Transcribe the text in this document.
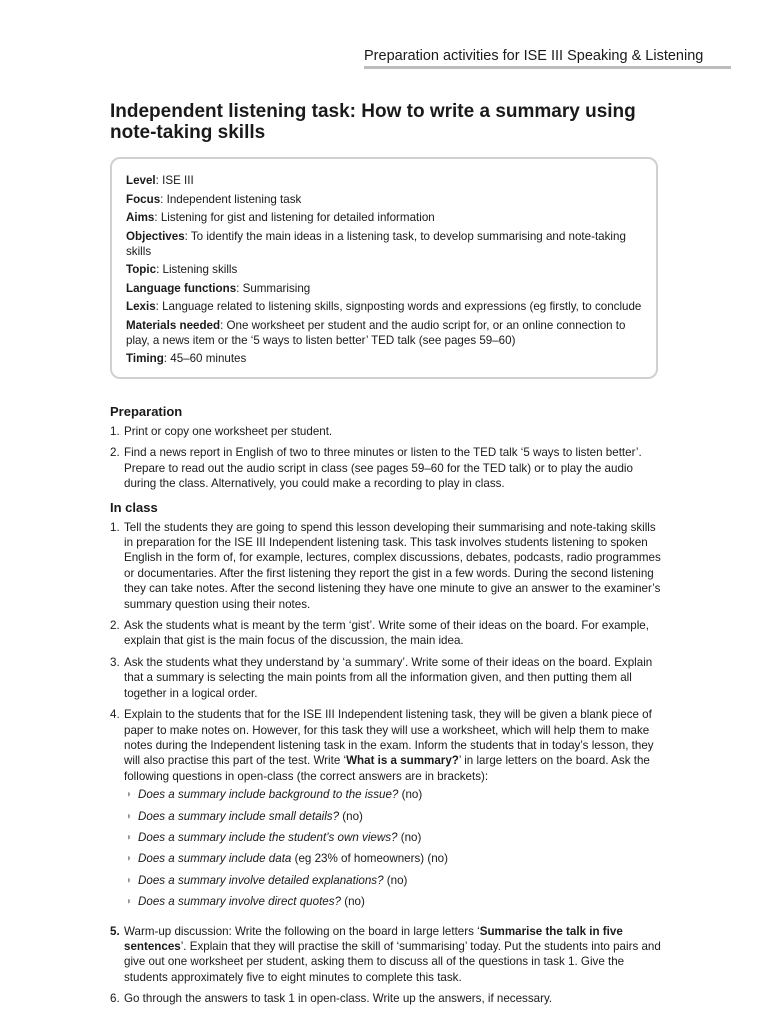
Preparation activities for ISE III Speaking & Listening
Independent listening task: How to write a summary using note-taking skills
Level: ISE III
Focus: Independent listening task
Aims: Listening for gist and listening for detailed information
Objectives: To identify the main ideas in a listening task, to develop summarising and note-taking skills
Topic: Listening skills
Language functions: Summarising
Lexis: Language related to listening skills, signposting words and expressions (eg firstly, to conclude
Materials needed: One worksheet per student and the audio script for, or an online connection to play, a news item or the ‘5 ways to listen better’ TED talk (see pages 59–60)
Timing: 45–60 minutes
Preparation
1. Print or copy one worksheet per student.
2. Find a news report in English of two to three minutes or listen to the TED talk ‘5 ways to listen better’. Prepare to read out the audio script in class (see pages 59–60 for the TED talk) or to play the audio during the class. Alternatively, you could make a recording to play in class.
In class
1. Tell the students they are going to spend this lesson developing their summarising and note-taking skills in preparation for the ISE III Independent listening task. This task involves students listening to spoken English in the form of, for example, lectures, complex discussions, debates, podcasts, radio programmes or documentaries. After the first listening they report the gist in a few words. During the second listening they can take notes. After the second listening they have one minute to give an answer to the examiner’s summary question using their notes.
2. Ask the students what is meant by the term ‘gist’. Write some of their ideas on the board. For example, explain that gist is the main focus of the discussion, the main idea.
3. Ask the students what they understand by ‘a summary’. Write some of their ideas on the board. Explain that a summary is selecting the main points from all the information given, and then putting them all together in a logical order.
4. Explain to the students that for the ISE III Independent listening task, they will be given a blank piece of paper to make notes on. However, for this task they will use a worksheet, which will help them to make notes during the Independent listening task in the exam. Inform the students that in today’s lesson, they will also practise this part of the test. Write ‘What is a summary?’ in large letters on the board. Ask the following questions in open-class (the correct answers are in brackets):
◗ Does a summary include background to the issue? (no)
◗ Does a summary include small details? (no)
◗ Does a summary include the student’s own views? (no)
◗ Does a summary include data (eg 23% of homeowners) (no)
◗ Does a summary involve detailed explanations? (no)
◗ Does a summary involve direct quotes? (no)
5. Warm-up discussion: Write the following on the board in large letters ‘Summarise the talk in five sentences’. Explain that they will practise the skill of ‘summarising’ today. Put the students into pairs and give out one worksheet per student, asking them to discuss all of the questions in task 1. Give the students approximately five to eight minutes to complete this task.
6. Go through the answers to task 1 in open-class. Write up the answers, if necessary.
